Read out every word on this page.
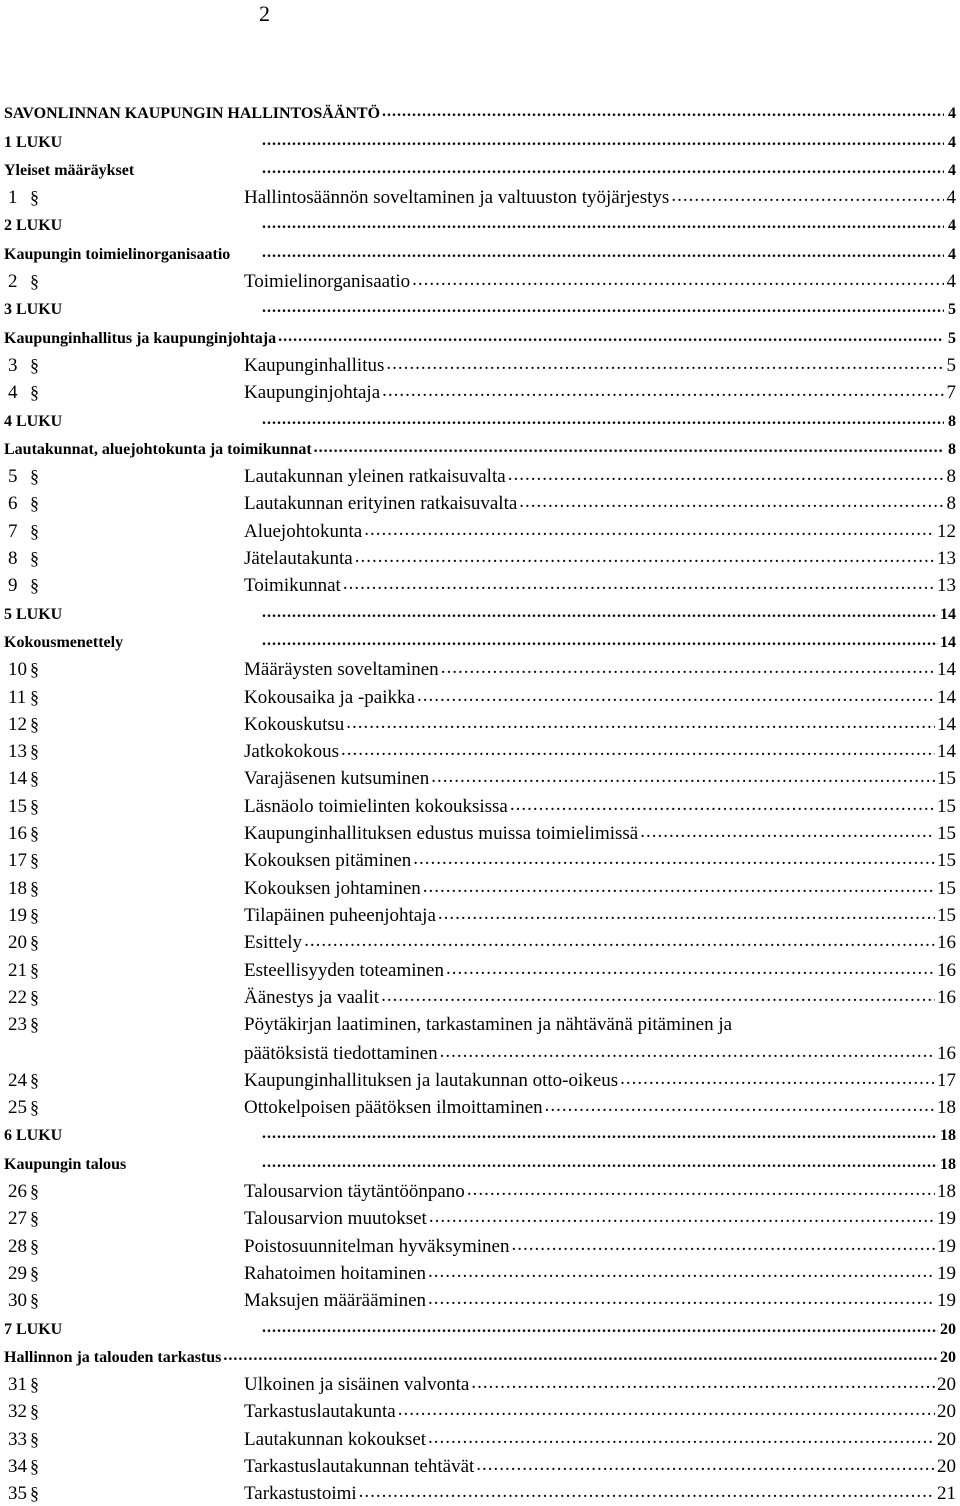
2
SAVONLINNAN KAUPUNGIN HALLINTOSÄÄNTÖ .....	4
1 LUKU .....	4
Yleiset määräykset .....	4
1 §	Hallintosäännön soveltaminen ja valtuuston työjärjestys .....	4
2 LUKU .....	4
Kaupungin toimielinorganisaatio .....	4
2 §	Toimielinorganisaatio .....	4
3 LUKU .....	5
Kaupunginhallitus ja kaupunginjohtaja .....	5
3 §	Kaupunginhallitus .....	5
4 §	Kaupunginjohtaja .....	7
4 LUKU .....	8
Lautakunnat, aluejohtokunta ja toimikunnat .....	8
5 §	Lautakunnan yleinen ratkaisuvalta .....	8
6 §	Lautakunnan erityinen ratkaisuvalta .....	8
7 §	Aluejohtokunta .....	12
8 §	Jätelautakunta .....	13
9 §	Toimikunnat .....	13
5 LUKU .....	14
Kokousmenettely .....	14
10 §	Määräysten soveltaminen .....	14
11 §	Kokousaika ja -paikka .....	14
12 §	Kokouskutsu .....	14
13 §	Jatkokokous .....	14
14 §	Varajäsenen kutsuminen .....	15
15 §	Läsnäolo toimielinten kokouksissa .....	15
16 §	Kaupunginhallituksen edustus muissa toimielimissä .....	15
17 §	Kokouksen pitäminen .....	15
18 §	Kokouksen johtaminen .....	15
19 §	Tilapäinen puheenjohtaja .....	15
20 §	Esittely .....	16
21 §	Esteellisyyden toteaminen .....	16
22 §	Äänestys ja vaalit .....	16
23 §	Pöytäkirjan laatiminen, tarkastaminen ja nähtävänä pitäminen ja
päätöksistä tiedottaminen .....	16
24 §	Kaupunginhallituksen ja lautakunnan otto-oikeus .....	17
25 §	Ottokelpoisen päätöksen ilmoittaminen .....	18
6 LUKU .....	18
Kaupungin talous .....	18
26 §	Talousarvion täytäntöönpano .....	18
27 §	Talousarvion muutokset .....	19
28 §	Poistosuunnitelman hyväksyminen .....	19
29 §	Rahatoimen hoitaminen .....	19
30 §	Maksujen määrääminen .....	19
7 LUKU .....	20
Hallinnon ja talouden tarkastus .....	20
31 §	Ulkoinen ja sisäinen valvonta .....	20
32 §	Tarkastuslautakunta .....	20
33 §	Lautakunnan kokoukset .....	20
34 §	Tarkastuslautakunnan tehtävät .....	20
35 §	Tarkastustoimi .....	21
